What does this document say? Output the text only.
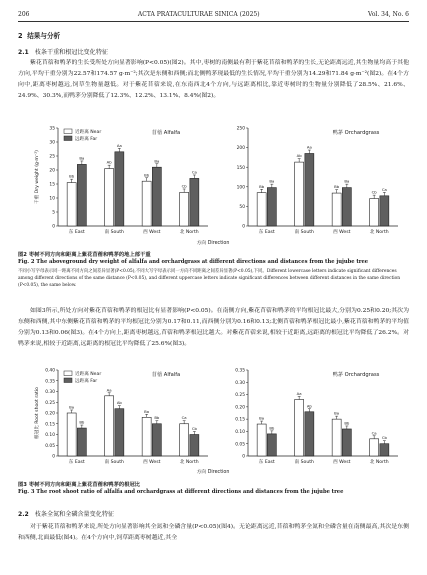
206	ACTA PRATACULTURAE SINICA (2025)	Vol. 34, No. 6
2 结果与分析
2.1 枝条干重和根冠比变化特征

紫花苜蓿和鸭茅的生长受所处方向显著影响(P<0.05)(图2)。其中,枣树的南侧最有利于紫花苜蓿和鸭茅的生长,无论距离远近,其生物量均高于其他方向,平均干重分别为22.57和174.57 g·m⁻²;其次是东侧和西侧;而北侧鸭茅现最低的生长情况,平均干重分别为14.29和71.84 g·m⁻²(图2)。在4个方向中,距离枣树越远,饲草生物量越低。对于紫花苜蓿来说,在东南西北4个方向,与远距离相比,靠近枣树时的生物量分别降低了28.5%、21.6%、24.9%、30.3%,而鸭茅分别降低了12.3%、12.2%、13.1%、8.4%(图2)。

0
5
10
15
20
25
30
35
干重 Dry weight (g·m⁻²)
苜蓿 Alfalfa
东 East
Bb
Ba
南 South
Ab
Aa
西 West
Bb
Ba
北 North
Cb
Ca
近距离 Near
远距离 Far
0
50
100
150
200
250
鸭茅 Orchardgrass
东 East
Bb
Ba
南 South
Ab
Aa
西 West
Bb
Ba
北 North
Cb
Ca
方向 Direction

图2 枣树不同方向和距离上紫花苜蓿和鸭茅的地上部干重

Fig. 2 The aboveground dry weight of alfalfa and orchardgrass at different directions and distances from the jujube tree

不同小写字母表示同一距离不同方向之间差异显著(P<0.05),不同大写字母表示同一方向不同距离之间差异显著(P<0.05),下同。Different lowercase letters indicate significant differences among different directions of the same distance (P<0.05), and different uppercase letters indicate significant differences between different distances in the same direction (P<0.05), the same below.

如图3所示,所处方向对紫花苜蓿和鸭茅的根冠比有显著影响(P<0.05)。在南侧方向,紫花苜蓿和鸭茅的平均根冠比最大,分别为0.25和0.20;其次为东侧和西侧,其中东侧紫花苜蓿和鸭茅的平均根冠比分别为0.17和0.11,而西侧分别为0.16和0.13;北侧苜蓿和鸭茅根冠比最小,紫花苜蓿和鸭茅的平均值分别为0.13和0.06(图3)。在4个方向上,距离枣树越远,苜蓿和鸭茅根冠比越大。对紫花苜蓿来说,相较于近距离,远距离的根冠比平均降低了26.2%。对鸭茅来说,相较于近距离,远距离的根冠比平均降低了25.6%(图3)。

0
0.05
0.10
0.15
0.20
0.25
0.30
0.35
0.40
根冠比 Root shoot ratio
苜蓿 Alfalfa
东 East
Ba
Bb
南 South
Aa
Ab
西 West
Ba
Bb
北 North
Ca
Cb
近距离 Near
远距离 Far
0
0.05
0.10
0.15
0.20
0.25
0.30
0.35
鸭茅 Orchardgrass
东 East
Ba
Bb
南 South
Aa
Ab
西 West
Ba
Bb
北 North
Ca
Cb
方向 Direction

图3 枣树不同方向和距离上紫花苜蓿和鸭茅的根冠比

Fig. 3 The root shoot ratio of alfalfa and orchardgrass at different directions and distances from the jujube tree

2.2 枝条全氮和全磷含量变化特征

对于紫花苜蓿和鸭茅来说,所处方向显著影响其全氮和全磷含量(P<0.05)(图4)。无论距离远近,苜蓿和鸭茅全氮和全磷含量在南侧最高,其次是东侧和西侧,北面最低(图4)。在4个方向中,饲草距离枣树越近,其全
